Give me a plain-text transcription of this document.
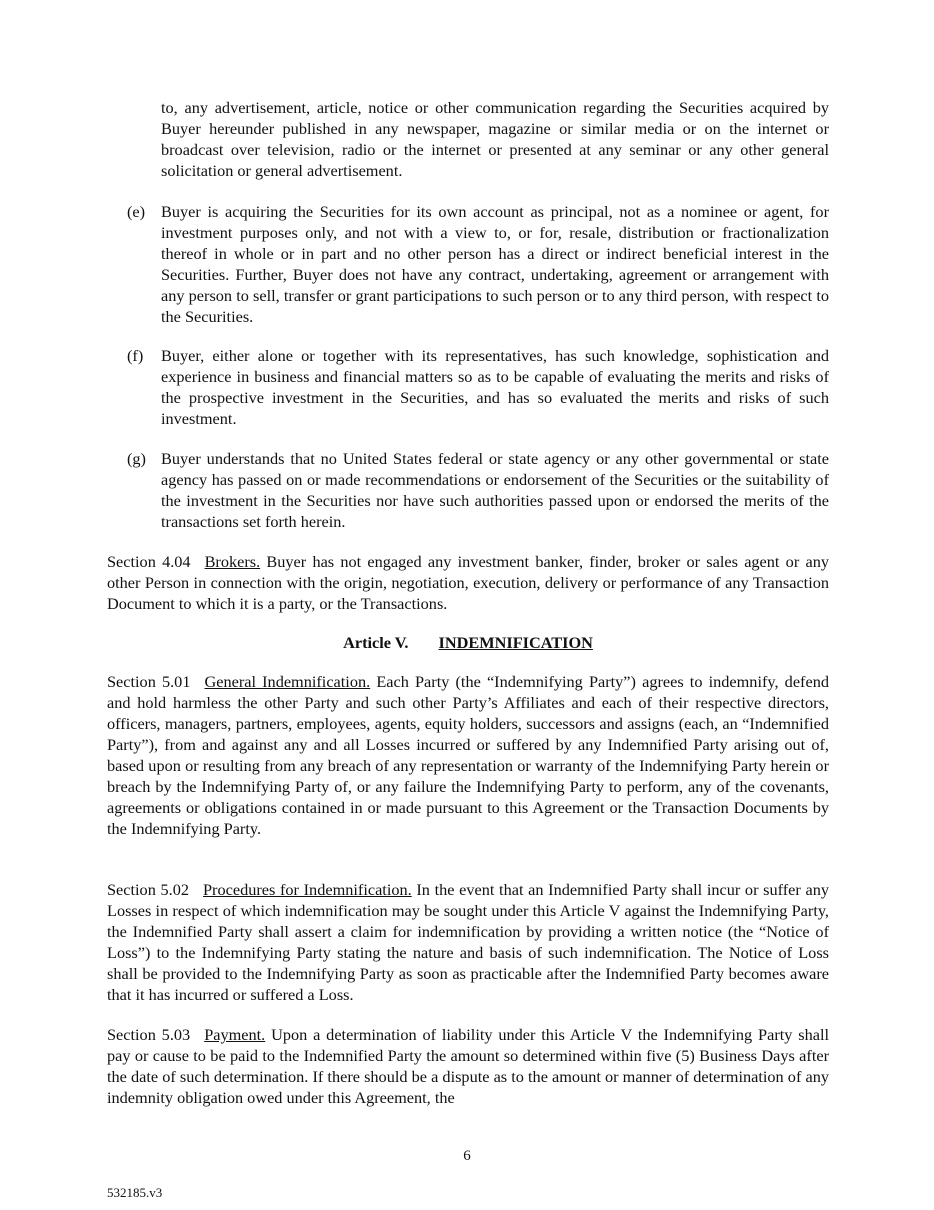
to, any advertisement, article, notice or other communication regarding the Securities acquired by Buyer hereunder published in any newspaper, magazine or similar media or on the internet or broadcast over television, radio or the internet or presented at any seminar or any other general solicitation or general advertisement.
(e) Buyer is acquiring the Securities for its own account as principal, not as a nominee or agent, for investment purposes only, and not with a view to, or for, resale, distribution or fractionalization thereof in whole or in part and no other person has a direct or indirect beneficial interest in the Securities. Further, Buyer does not have any contract, undertaking, agreement or arrangement with any person to sell, transfer or grant participations to such person or to any third person, with respect to the Securities.
(f)	Buyer, either alone or together with its representatives, has such knowledge, sophistication and experience in business and financial matters so as to be capable of evaluating the merits and risks of the prospective investment in the Securities, and has so evaluated the merits and risks of such investment.
(g) Buyer understands that no United States federal or state agency or any other governmental or state agency has passed on or made recommendations or endorsement of the Securities or the suitability of the investment in the Securities nor have such authorities passed upon or endorsed the merits of the transactions set forth herein.
Section 4.04 Brokers. Buyer has not engaged any investment banker, finder, broker or sales agent or any other Person in connection with the origin, negotiation, execution, delivery or performance of any Transaction Document to which it is a party, or the Transactions.
Article V. INDEMNIFICATION
Section 5.01 General Indemnification. Each Party (the “Indemnifying Party”) agrees to indemnify, defend and hold harmless the other Party and such other Party’s Affiliates and each of their respective directors, officers, managers, partners, employees, agents, equity holders, successors and assigns (each, an “Indemnified Party”), from and against any and all Losses incurred or suffered by any Indemnified Party arising out of, based upon or resulting from any breach of any representation or warranty of the Indemnifying Party herein or breach by the Indemnifying Party of, or any failure the Indemnifying Party to perform, any of the covenants, agreements or obligations contained in or made pursuant to this Agreement or the Transaction Documents by the Indemnifying Party.
Section 5.02 Procedures for Indemnification. In the event that an Indemnified Party shall incur or suffer any Losses in respect of which indemnification may be sought under this Article V against the Indemnifying Party, the Indemnified Party shall assert a claim for indemnification by providing a written notice (the “Notice of Loss”) to the Indemnifying Party stating the nature and basis of such indemnification. The Notice of Loss shall be provided to the Indemnifying Party as soon as practicable after the Indemnified Party becomes aware that it has incurred or suffered a Loss.
Section 5.03 Payment. Upon a determination of liability under this Article V the Indemnifying Party shall pay or cause to be paid to the Indemnified Party the amount so determined within five (5) Business Days after the date of such determination. If there should be a dispute as to the amount or manner of determination of any indemnity obligation owed under this Agreement, the
6
532185.v3
